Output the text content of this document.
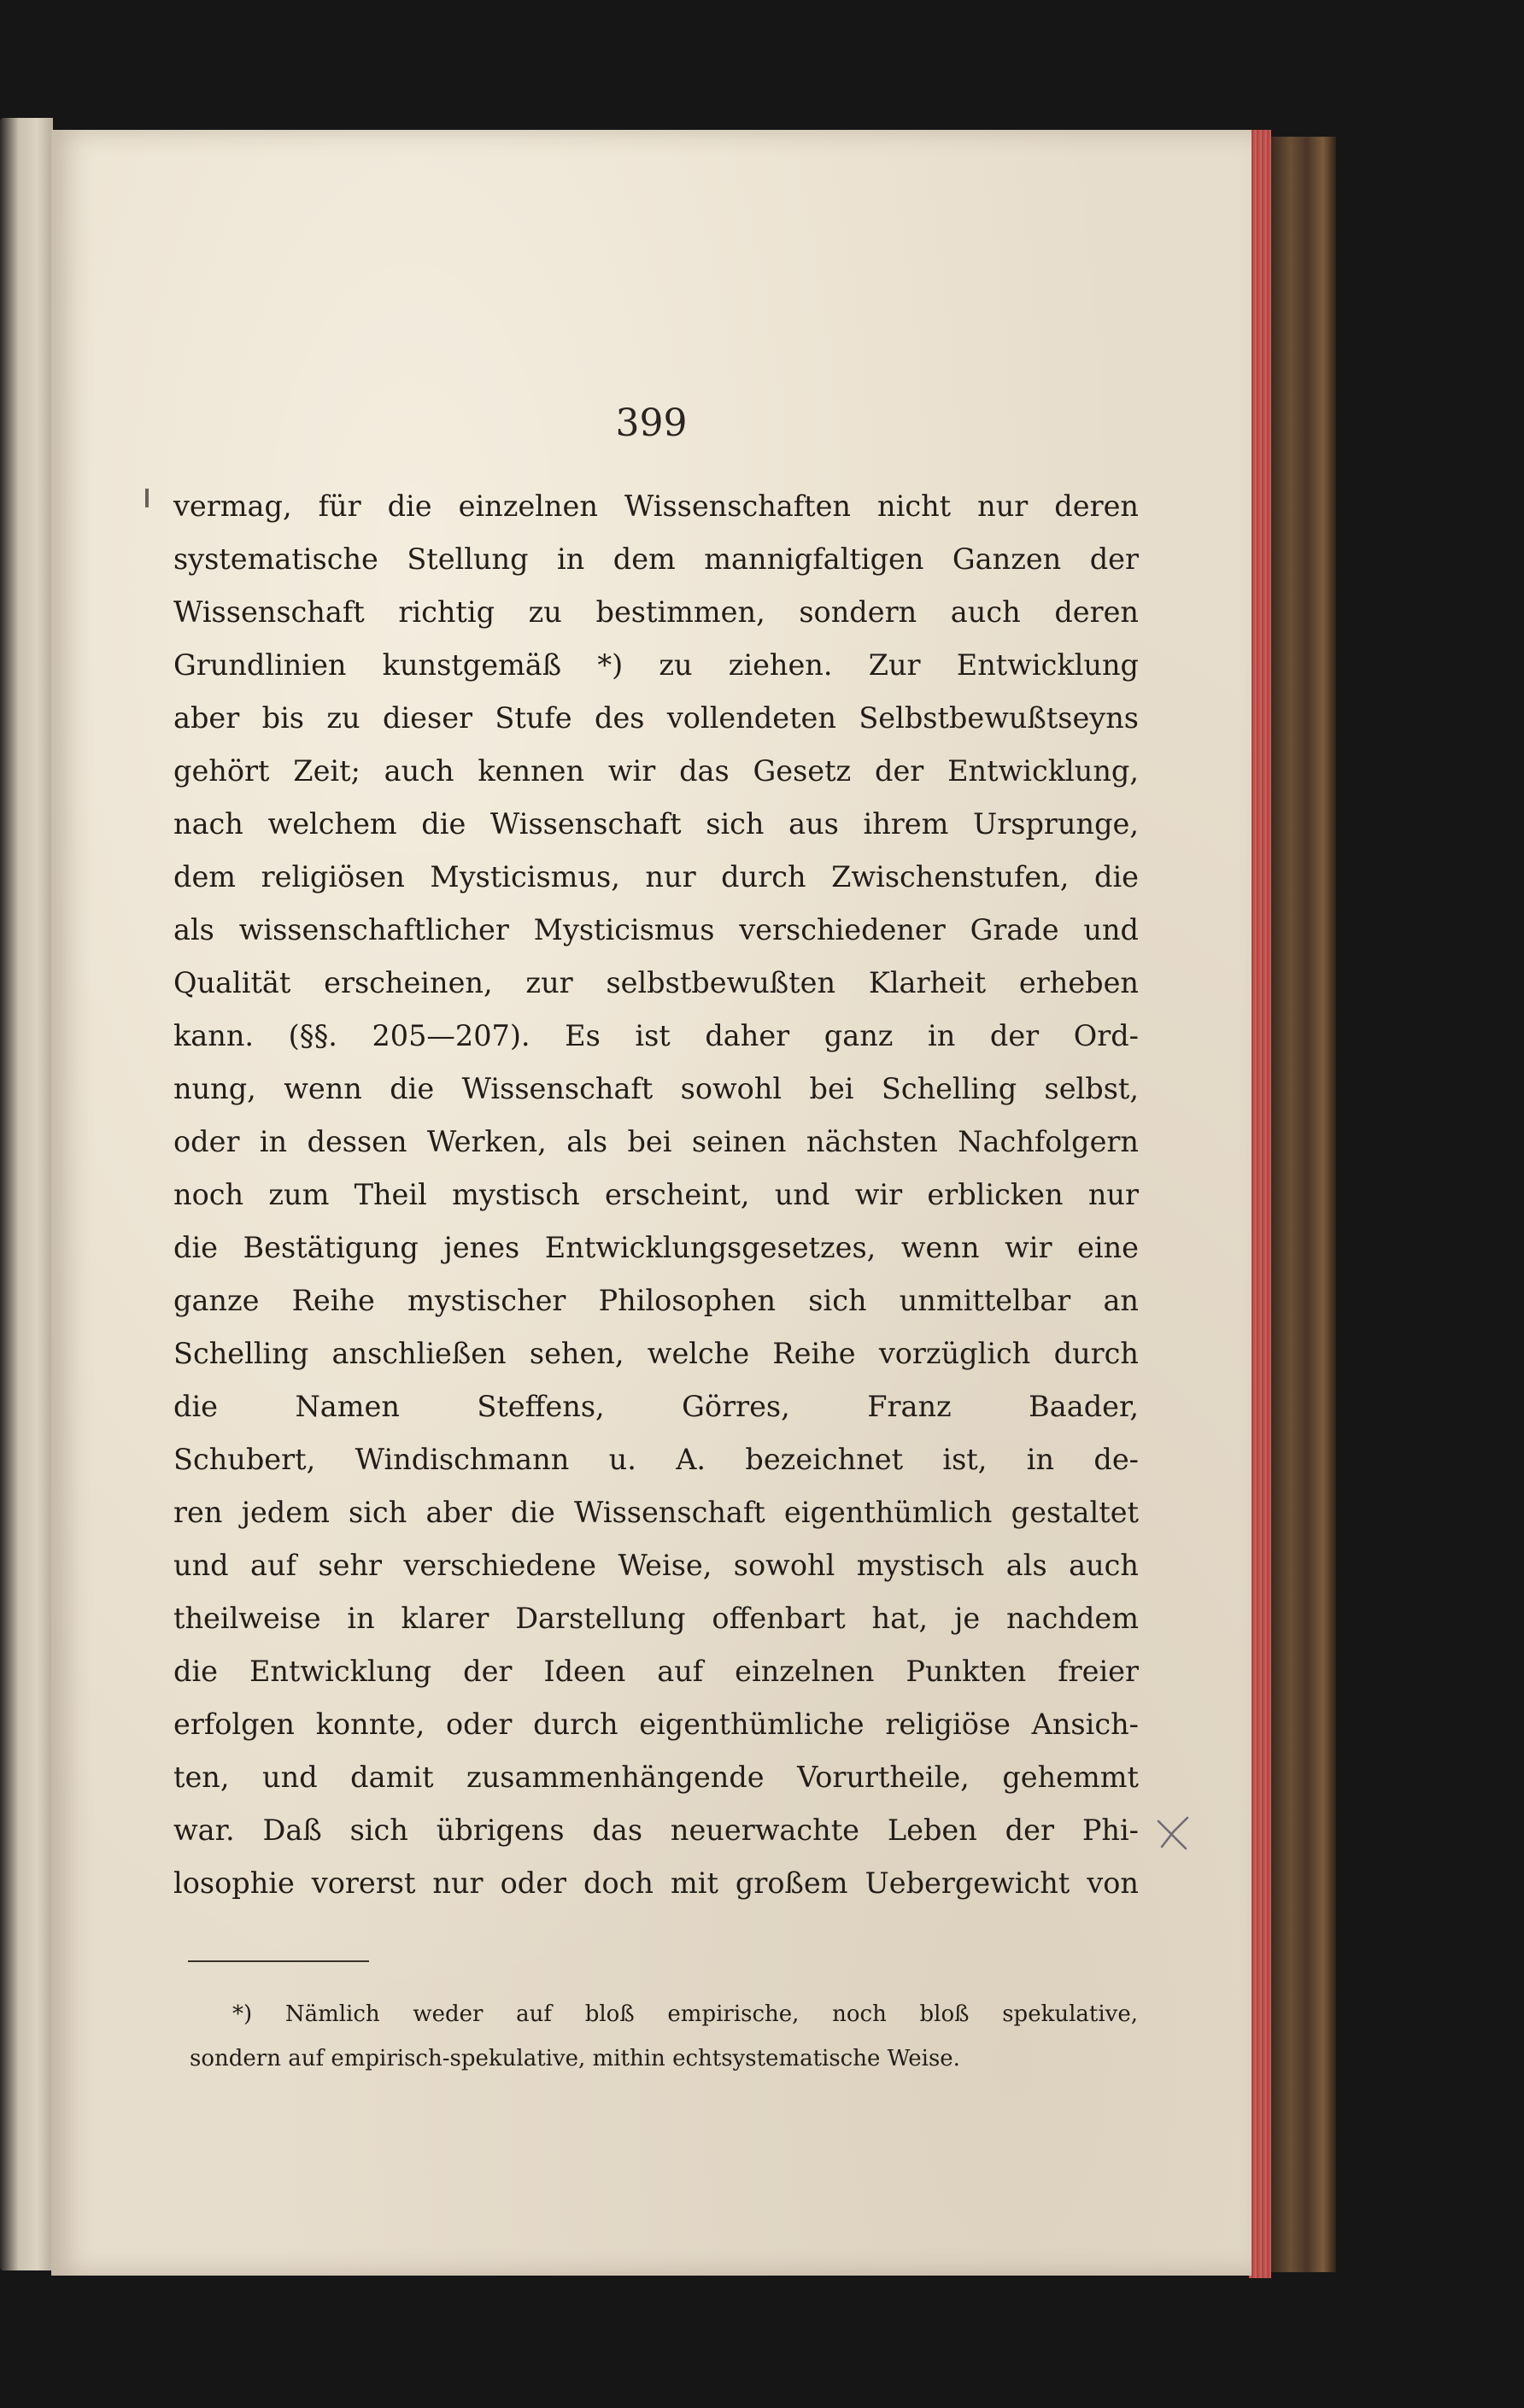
399
vermag, für die einzelnen Wissenschaften nicht nur deren
systematische Stellung in dem mannigfaltigen Ganzen der
Wissenschaft richtig zu bestimmen, sondern auch deren
Grundlinien kunstgemäß *) zu ziehen. Zur Entwicklung
aber bis zu dieser Stufe des vollendeten Selbstbewußtseyns
gehört Zeit; auch kennen wir das Gesetz der Entwicklung,
nach welchem die Wissenschaft sich aus ihrem Ursprunge,
dem religiösen Mysticismus, nur durch Zwischenstufen, die
als wissenschaftlicher Mysticismus verschiedener Grade und
Qualität erscheinen, zur selbstbewußten Klarheit erheben
kann. (§§. 205—207). Es ist daher ganz in der Ord-
nung, wenn die Wissenschaft sowohl bei Schelling selbst,
oder in dessen Werken, als bei seinen nächsten Nachfolgern
noch zum Theil mystisch erscheint, und wir erblicken nur
die Bestätigung jenes Entwicklungsgesetzes, wenn wir eine
ganze Reihe mystischer Philosophen sich unmittelbar an
Schelling anschließen sehen, welche Reihe vorzüglich durch
die Namen Steffens, Görres, Franz Baader,
Schubert, Windischmann u. A. bezeichnet ist, in de-
ren jedem sich aber die Wissenschaft eigenthümlich gestaltet
und auf sehr verschiedene Weise, sowohl mystisch als auch
theilweise in klarer Darstellung offenbart hat, je nachdem
die Entwicklung der Ideen auf einzelnen Punkten freier
erfolgen konnte, oder durch eigenthümliche religiöse Ansich-
ten, und damit zusammenhängende Vorurtheile, gehemmt
war. Daß sich übrigens das neuerwachte Leben der Phi-
losophie vorerst nur oder doch mit großem Uebergewicht von
*) Nämlich weder auf bloß empirische, noch bloß spekulative,
sondern auf empirisch-spekulative, mithin echtsystematische Weise.
